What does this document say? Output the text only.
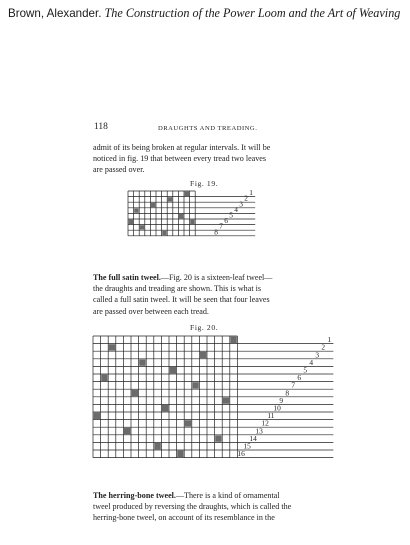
Brown, Alexander. The Construction of the Power Loom and the Art of Weaving
118	DRAUGHTS AND TREADING.
admit of its being broken at regular intervals. It will be
noticed in fig. 19 that between every tread two leaves
are passed over.
Fig. 19.
1
2
3
4
5
6
7
8
The full satin tweel.—Fig. 20 is a sixteen-leaf tweel—
the draughts and treading are shown. This is what is
called a full satin tweel. It will be seen that four leaves
are passed over between each tread.
Fig. 20.
1
2
3
4
5
6
7
8
9
10
11
12
13
14
15
16
The herring-bone tweel.—There is a kind of ornamental
tweel produced by reversing the draughts, which is called the
herring-bone tweel, on account of its resemblance in the
